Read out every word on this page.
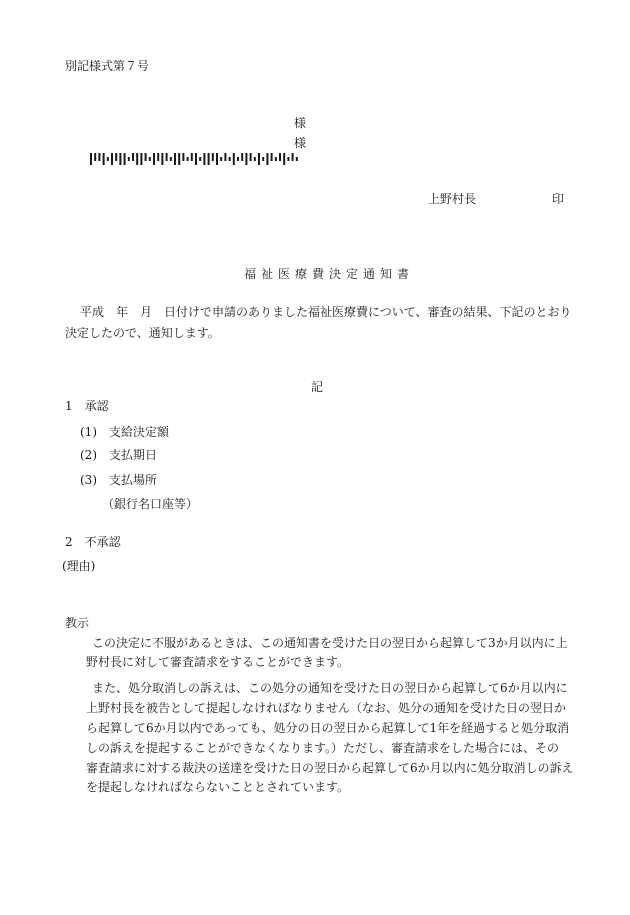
別記様式第７号
様
様
上野村長	印
福祉医療費決定通知書
平成　年　月　日付けで申請のありました福祉医療費について、審査の結果、下記のとおり
決定したので、通知します。
記
1 承認
(1) 支給決定額
(2) 支払期日
(3) 支払場所
（銀行名口座等）
2 不承認
(理由)
教示
この決定に不服があるときは、この通知書を受けた日の翌日から起算して3か月以内に上
野村長に対して審査請求をすることができます。
また、処分取消しの訴えは、この処分の通知を受けた日の翌日から起算して6か月以内に
上野村長を被告として提起しなければなりません（なお、処分の通知を受けた日の翌日か
ら起算して6か月以内であっても、処分の日の翌日から起算して1年を経過すると処分取消
しの訴えを提起することができなくなります。）ただし、審査請求をした場合には、その
審査請求に対する裁決の送達を受けた日の翌日から起算して6か月以内に処分取消しの訴え
を提起しなければならないこととされています。
